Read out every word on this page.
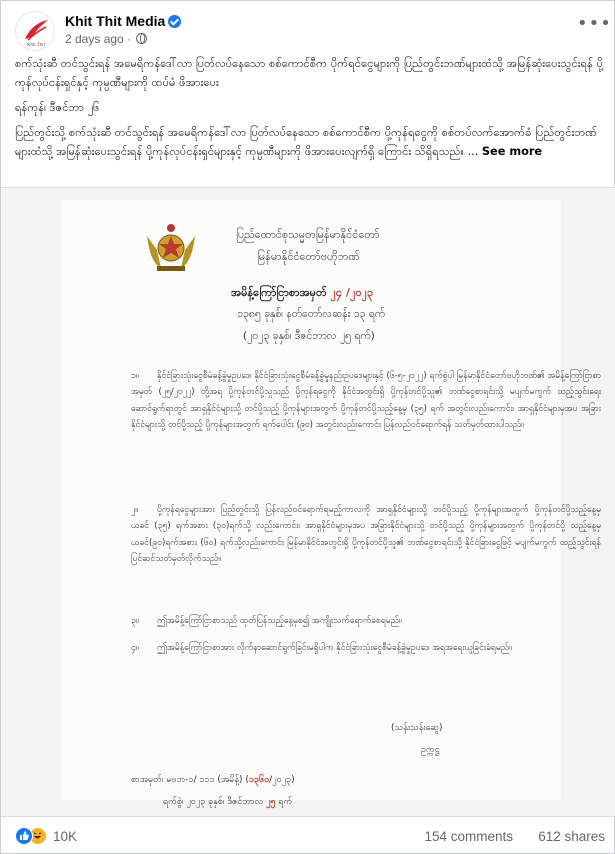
Khit Thit
Khit Thit Media
2 days ago ·
•••

စက်သုံးဆီ တင်သွင်းရန် အမေရိကန်ဒေါ်လာ ပြတ်လပ်နေသော စစ်ကောင်စီက ပိုက်ရင်ငွေများကို ပြည်တွင်းဘဏ်များထံသို့ အမြန်ဆုံးပေးသွင်းရန် ပို့ကုန်လုပ်ငန်းရှင်နှင့် ကုမ္ပဏီများကို ထပ်မံ ဖိအားပေး

ရန်ကုန်၊ ဒီဇင်ဘာ ၂၆

ပြည်တွင်းသို့ စက်သုံးဆီ တင်သွင်းရန် အမေရိကန်ဒေါ်လာ ပြတ်လပ်နေသော စစ်ကောင်စီက ပို့ကုန်ရငွေကို စစ်တပ်လက်အောက်ခံ ပြည်တွင်းဘဏ်များထံသို့ အမြန်ဆုံးပေးသွင်းရန် ပို့ကုန်လုပ်ငန်းရှင်များနှင့် ကုမ္ပဏီများကို ဖိအားပေးလျက်ရှိ ကြောင်း သိရှိရသည်။ ... See more

ပြည်ထောင်စုသမ္မတမြန်မာနိုင်ငံတော်
မြန်မာနိုင်ငံတော်ဗဟိုဘဏ်
အမိန့်ကြော်ငြာစာအမှတ် ၂၄ /၂၀၂၃
၁၃၈၅ ခုနှစ်၊ နတ်တော်လဆန်း ၁၃ ရက်
(၂၀၂၃ ခုနှစ်၊ ဒီဇင်ဘာလ ၂၅ ရက်)
၁။ နိုင်ငံခြားသုံးငွေစီမံခန့်ခွဲမှုဥပဒေ၊ နိုင်ငံခြားသုံးငွေစီမံခန့်ခွဲမှုနည်းဥပဒေများနှင့် (၆-၅-၂၀၂၂) ရက်စွဲပါ မြန်မာနိုင်ငံတော်ဗဟိုဘဏ်၏ အမိန့်ကြော်ငြာစာအမှတ် (၂၅/၂၀၂၂) တို့အရ ပို့ကုန်တင်ပို့သူသည် ပို့ကုန်ရငွေကို နိုင်ငံအတွင်းရှိ ပို့ကုန်တင်ပို့သူ၏ ဘဏ်ငွေစာရင်းသို့ မပျက်မကွက် ထည့်သွင်းရေး ဆောင်ရွက်ရာတွင် အာရှနိုင်ငံများသို့ တင်ပို့သည့် ပို့ကုန်များအတွက် ပို့ကုန်တင်ပို့သည့်နေ့မှ (၃၅) ရက် အတွင်းလည်းကောင်း၊ အာရှနိုင်ငံများမှအပ အခြားနိုင်ငံများသို့ တင်ပို့သည့် ပို့ကုန်များအတွက် ရက်ပေါင်း (၉၀) အတွင်းလည်းကောင်း ပြန်လည်ဝင်ရောက်ရန် သတ်မှတ်ထားပါသည်။
၂။ ပို့ကုန်ရငွေများအား ပြည်တွင်းသို့ ပြန်လည်ဝင်ရောက်ရမည့်ကာလကို အာရှနိုင်ငံများသို့ တင်ပို့သည့် ပို့ကုန်များအတွက် ပို့ကုန်တင်ပို့သည့်နေ့မှ ယခင် (၃၅) ရက်အစား (၃၀)ရက်သို့ လည်းကောင်း၊ အာရှနိုင်ငံများမှအပ အခြားနိုင်ငံများသို့ တင်ပို့သည့် ပို့ကုန်များအတွက် ပို့ကုန်တင်ပို့ သည့်နေ့မှ ယခင်(၉၀)ရက်အစား (၆၀) ရက်သို့လည်းကောင်း မြန်မာနိုင်ငံအတွင်းရှိ ပို့ကုန်တင်ပို့သူ၏ ဘဏ်ငွေစာရင်းသို့ နိုင်ငံခြားငွေဖြင့် မပျက်မကွက် ထည့်သွင်းရန် ပြင်ဆင်သတ်မှတ်လိုက်သည်။
၃။ ဤအမိန့်ကြော်ငြာစာသည် ထုတ်ပြန်သည့်နေ့မှစ၍ အကျိုးသက်ရောက်စေရမည်။
၄။ ဤအမိန့်ကြော်ငြာစာအား လိုက်နာဆောင်ရွက်ခြင်းမရှိပါက နိုင်ငံခြားသုံးငွေစီမံခန့်ခွဲမှုဥပဒေ အရအရေးယူခြင်းခံရမည်။
(သန်းသန်းဆွေ)
ဥက္ကဋ္ဌ
စာအမှတ်၊ မဗဘ-၁/ ၁၁၁ (အမိန့်) (၁၃၆၀/၂၀၂၃)
ရက်စွဲ၊ ၂၀၂၃ ခုနှစ်၊ ဒီဇင်ဘာလ ၂၅ ရက်
10K	154 comments 612 shares
